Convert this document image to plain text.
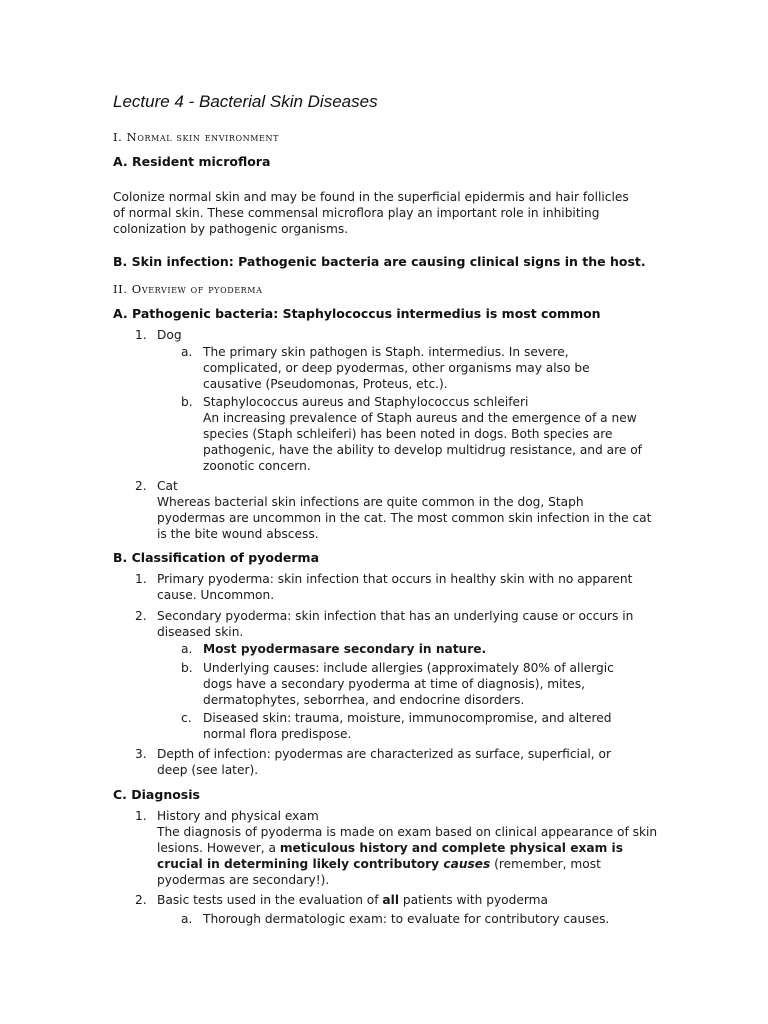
Lecture 4 - Bacterial Skin Diseases
I. Normal skin environment
A. Resident microflora

Colonize normal skin and may be found in the superficial epidermis and hair follicles of normal skin. These commensal microflora play an important role in inhibiting colonization by pathogenic organisms.

B. Skin infection: Pathogenic bacteria are causing clinical signs in the host.
II. Overview of pyoderma
A. Pathogenic bacteria: Staphylococcus intermedius is most common
1. Dog
a. The primary skin pathogen is Staph. intermedius. In severe, complicated, or deep pyodermas, other organisms may also be causative (Pseudomonas, Proteus, etc.).

b. Staphylococcus aureus and Staphylococcus schleiferi

An increasing prevalence of Staph aureus and the emergence of a new species (Staph schleiferi) has been noted in dogs. Both species are pathogenic, have the ability to develop multidrug resistance, and are of zoonotic concern.

2. Cat

Whereas bacterial skin infections are quite common in the dog, Staph pyodermas are uncommon in the cat. The most common skin infection in the cat is the bite wound abscess.

B. Classification of pyoderma
1. Primary pyoderma: skin infection that occurs in healthy skin with no apparent cause. Uncommon.

2. Secondary pyoderma: skin infection that has an underlying cause or occurs in diseased skin.

a. Most pyodermasare secondary in nature.

b. Underlying causes: include allergies (approximately 80% of allergic dogs have a secondary pyoderma at time of diagnosis), mites, dermatophytes, seborrhea, and endocrine disorders.

c. Diseased skin: trauma, moisture, immunocompromise, and altered normal flora predispose.

3. Depth of infection: pyodermas are characterized as surface, superficial, or deep (see later).

C. Diagnosis
1. History and physical exam

The diagnosis of pyoderma is made on exam based on clinical appearance of skin lesions. However, a meticulous history and complete physical exam is crucial in determining likely contributory causes (remember, most pyodermas are secondary!).

2. Basic tests used in the evaluation of all patients with pyoderma

a. Thorough dermatologic exam: to evaluate for contributory causes.
